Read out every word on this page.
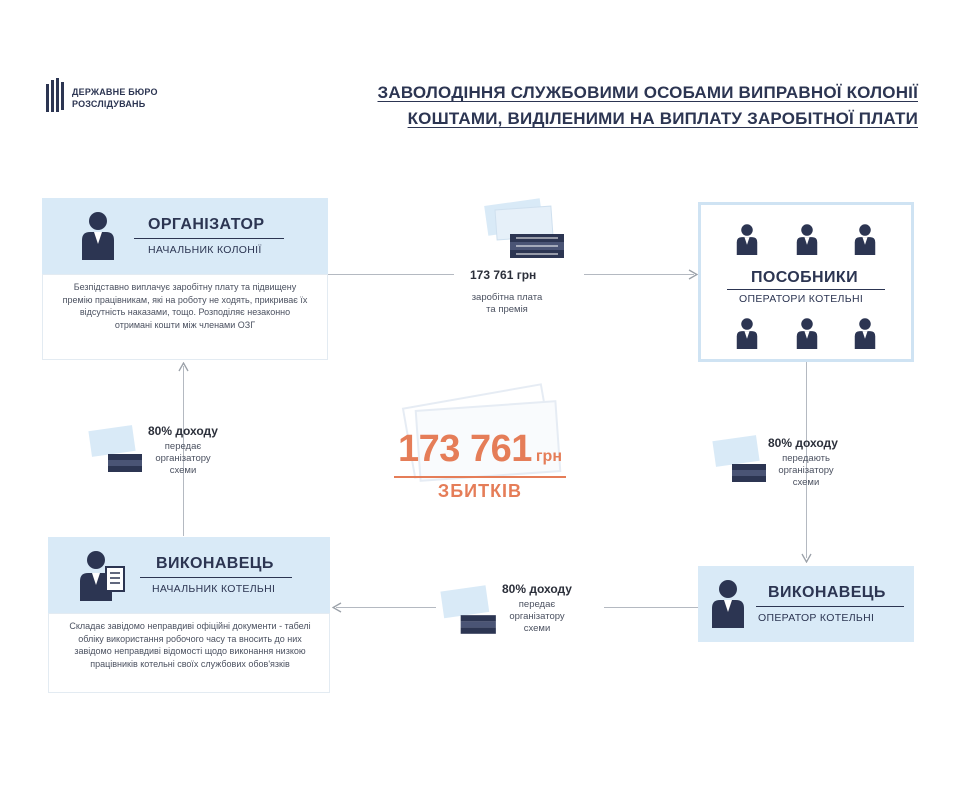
ДЕРЖАВНЕ БЮРО
РОЗСЛІДУВАНЬ
ЗАВОЛОДІННЯ СЛУЖБОВИМИ ОСОБАМИ ВИПРАВНОЇ КОЛОНІЇ
КОШТАМИ, ВИДІЛЕНИМИ НА ВИПЛАТУ ЗАРОБІТНОЇ ПЛАТИ
ОРГАНІЗАТОР
НАЧАЛЬНИК КОЛОНІЇ
Безпідставно виплачує заробітну плату та підвищену премію працівникам, які на роботу не ходять, прикриває їх відсутність наказами, тощо. Розподіляє незаконно отримані кошти між членами ОЗГ
173 761 грн
заробітна плата
та премія
ПОСОБНИКИ
ОПЕРАТОРИ КОТЕЛЬНІ
80% доходу
передає
організатору
схеми
173 761 грн
ЗБИТКІВ
80% доходу
передають
організатору
схеми
ВИКОНАВЕЦЬ
НАЧАЛЬНИК КОТЕЛЬНІ
Складає завідомо неправдиві офіційні документи - табелі обліку використання робочого часу та вносить до них завідомо неправдиві відомості щодо виконання низкою працівників котельні своїх службових обов'язків
80% доходу
передає
організатору
схеми
ВИКОНАВЕЦЬ
ОПЕРАТОР КОТЕЛЬНІ
